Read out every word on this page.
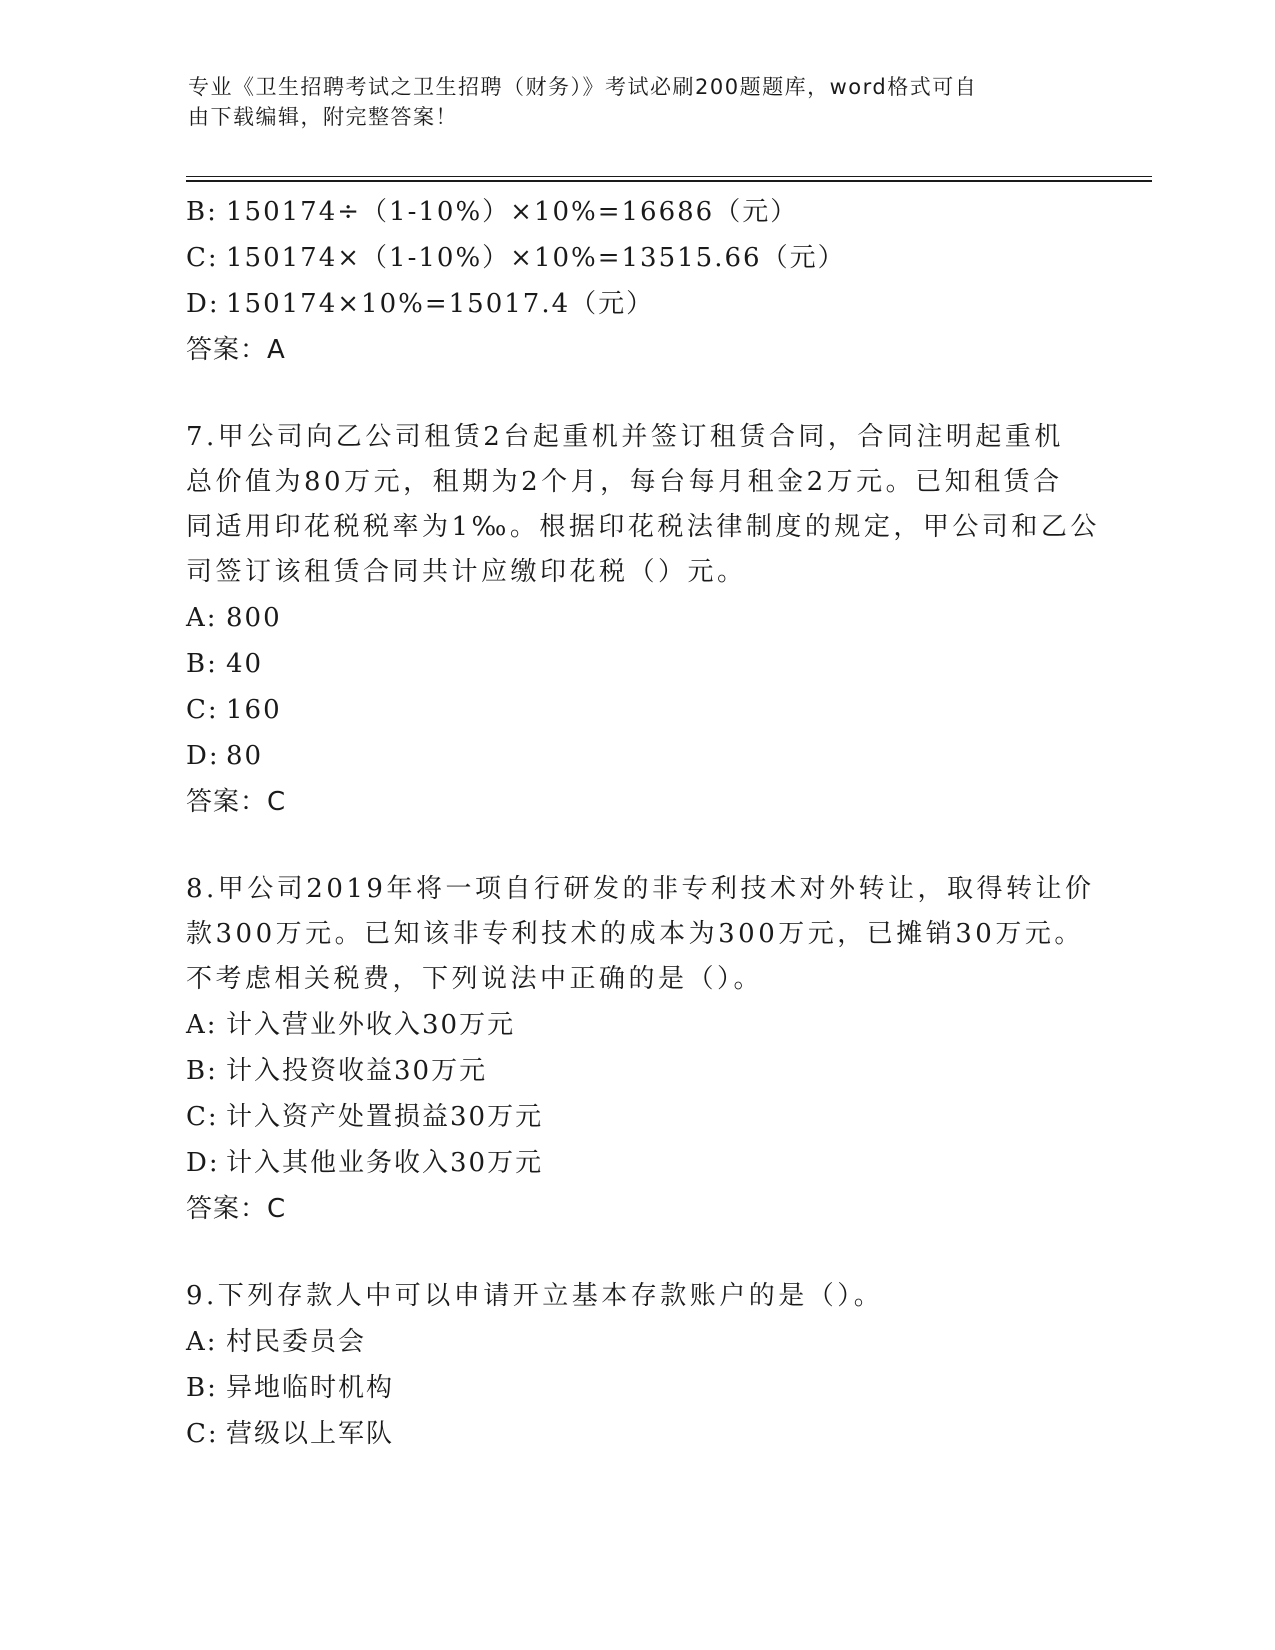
专业《卫生招聘考试之卫生招聘（财务）》考试必刷200题题库，word格式可自
由下载编辑，附完整答案！
B: 150174÷（1-10%）×10%=16686（元）
C: 150174×（1-10%）×10%=13515.66（元）
D: 150174×10%=15017.4（元）
答案：A
7.甲公司向乙公司租赁2台起重机并签订租赁合同，合同注明起重机
总价值为80万元，租期为2个月，每台每月租金2万元。已知租赁合
同适用印花税税率为1‰。根据印花税法律制度的规定，甲公司和乙公
司签订该租赁合同共计应缴印花税（）元。
A: 800
B: 40
C: 160
D: 80
答案：C
8.甲公司2019年将一项自行研发的非专利技术对外转让，取得转让价
款300万元。已知该非专利技术的成本为300万元，已摊销30万元。
不考虑相关税费，下列说法中正确的是（）。
A: 计入营业外收入30万元
B: 计入投资收益30万元
C: 计入资产处置损益30万元
D: 计入其他业务收入30万元
答案：C
9.下列存款人中可以申请开立基本存款账户的是（）。
A: 村民委员会
B: 异地临时机构
C: 营级以上军队
